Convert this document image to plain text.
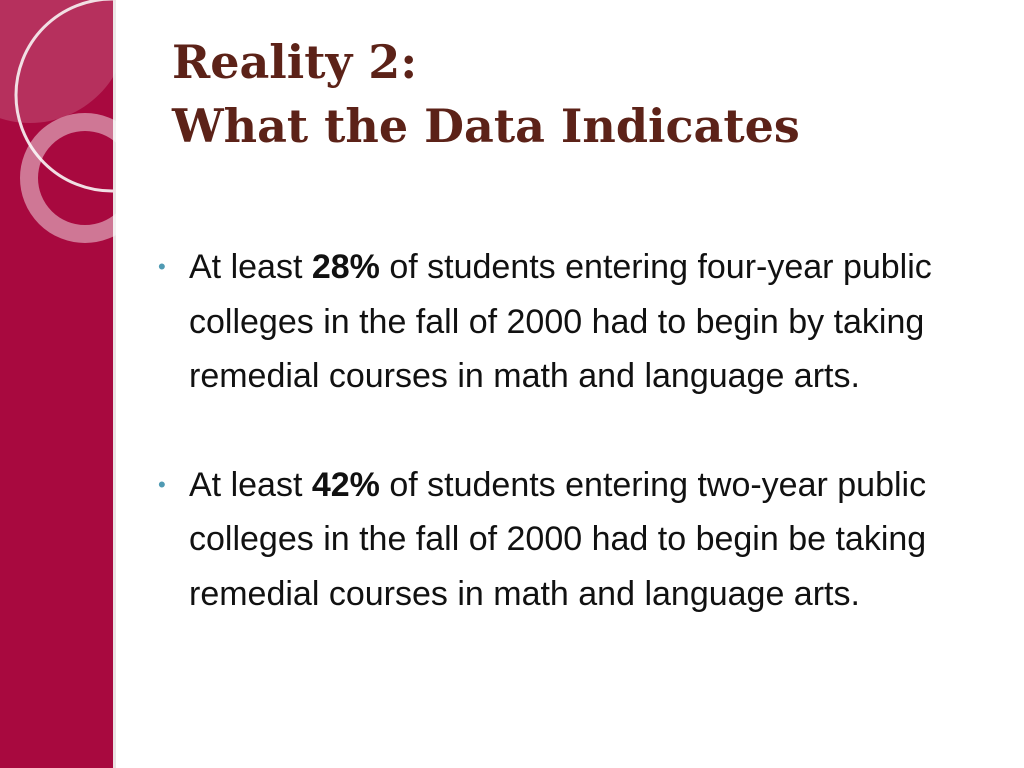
Reality 2:
What the Data Indicates
• At least 28% of students entering four-year public colleges in the fall of 2000 had to begin by taking remedial courses in math and language arts.
• At least 42% of students entering two-year public colleges in the fall of 2000 had to begin be taking remedial courses in math and language arts.
